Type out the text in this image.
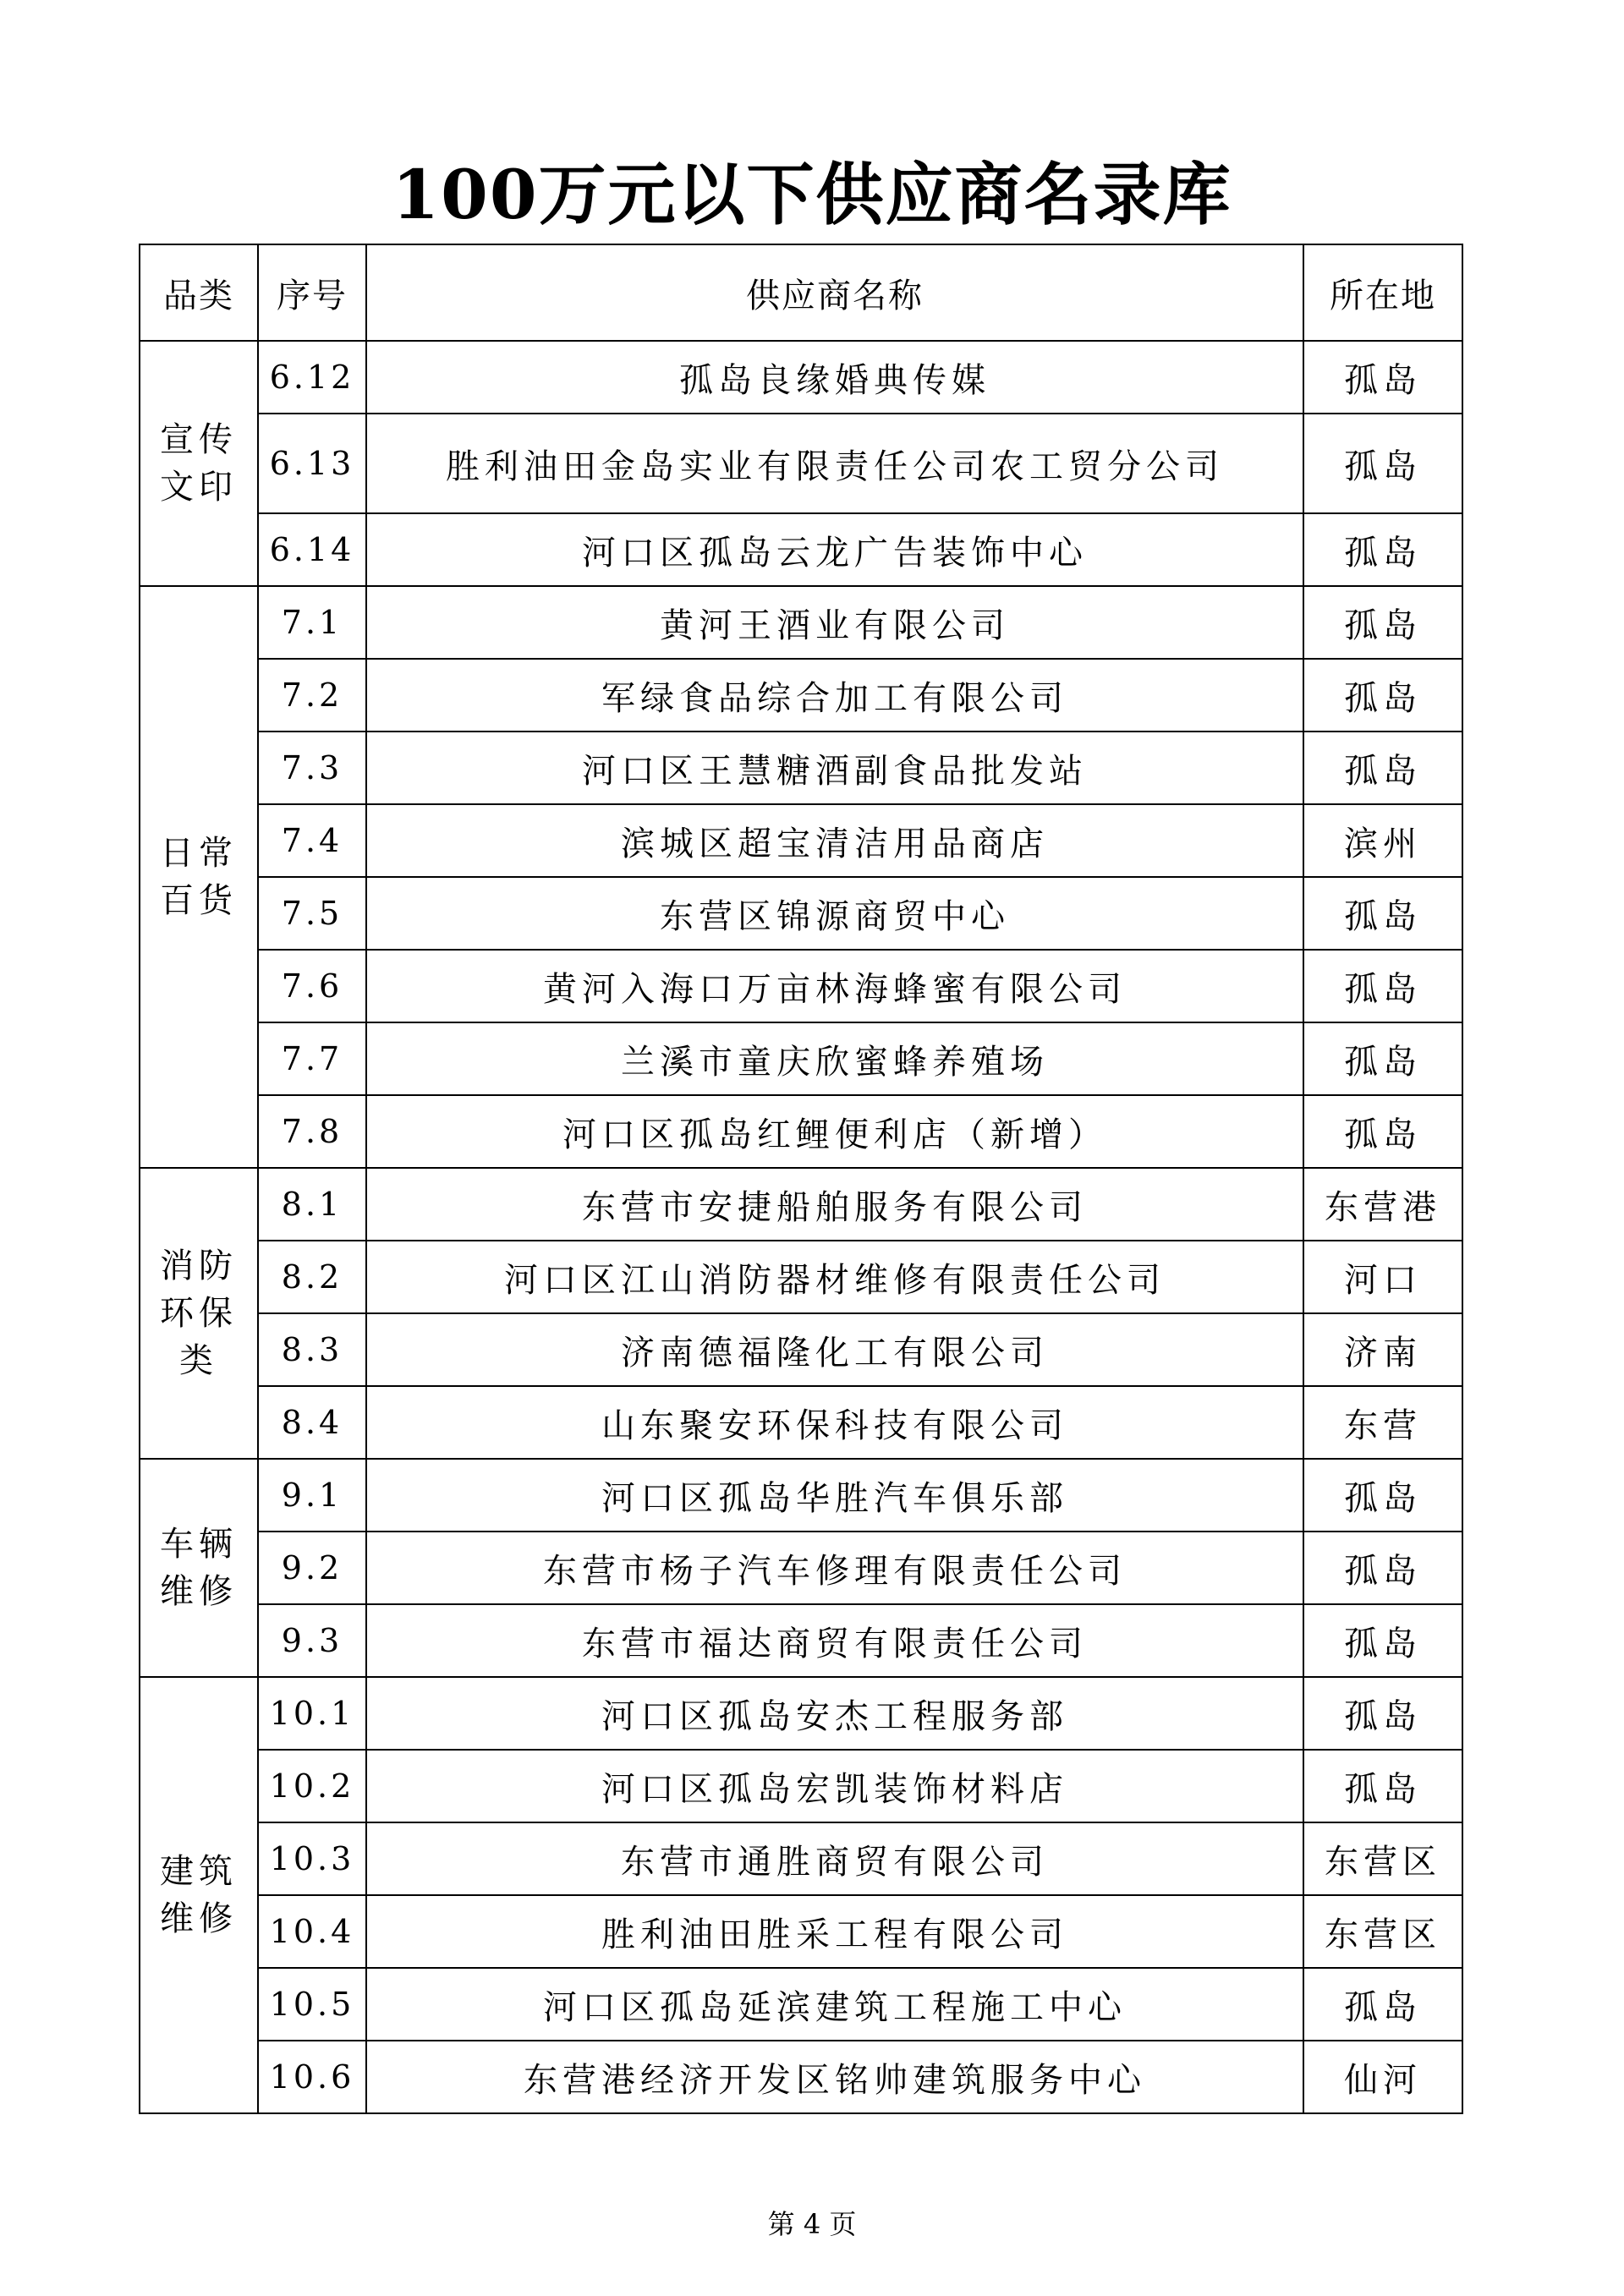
100万元以下供应商名录库
品类	序号	供应商名称	所在地
宣传文印	6.12	孤岛良缘婚典传媒	孤岛
	6.13	胜利油田金岛实业有限责任公司农工贸分公司	孤岛
	6.14	河口区孤岛云龙广告装饰中心	孤岛
日常百货	7.1	黄河王酒业有限公司	孤岛
	7.2	军绿食品综合加工有限公司	孤岛
	7.3	河口区王慧糖酒副食品批发站	孤岛
	7.4	滨城区超宝清洁用品商店	滨州
	7.5	东营区锦源商贸中心	孤岛
	7.6	黄河入海口万亩林海蜂蜜有限公司	孤岛
	7.7	兰溪市童庆欣蜜蜂养殖场	孤岛
	7.8	河口区孤岛红鲤便利店（新增）	孤岛
消防环保类	8.1	东营市安捷船舶服务有限公司	东营港
	8.2	河口区江山消防器材维修有限责任公司	河口
	8.3	济南德福隆化工有限公司	济南
	8.4	山东聚安环保科技有限公司	东营
车辆维修	9.1	河口区孤岛华胜汽车俱乐部	孤岛
	9.2	东营市杨子汽车修理有限责任公司	孤岛
	9.3	东营市福达商贸有限责任公司	孤岛
建筑维修	10.1	河口区孤岛安杰工程服务部	孤岛
	10.2	河口区孤岛宏凯装饰材料店	孤岛
	10.3	东营市通胜商贸有限公司	东营区
	10.4	胜利油田胜采工程有限公司	东营区
	10.5	河口区孤岛延滨建筑工程施工中心	孤岛
	10.6	东营港经济开发区铭帅建筑服务中心	仙河
第 4 页
